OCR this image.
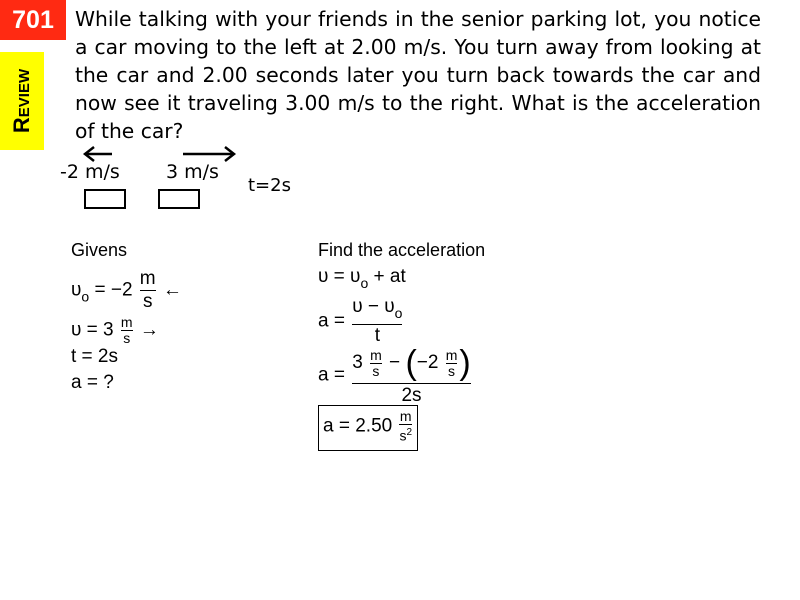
701
Review
While talking with your friends in the senior parking lot, you notice a car moving to the left at 2.00 m/s. You turn away from looking at the car and 2.00 seconds later you turn back towards the car and now see it traveling 3.00 m/s to the right. What is the acceleration of the car?
-2 m/s 3 m/s
t=2s
Givens
$\upsilon_o = -2 \frac{m}{s}$ ←
$\upsilon = 3 \frac{m}{s}$ →
t = 2s
a = ?
Find the acceleration
$\upsilon = \upsilon_o$ + at
$a = \frac{\upsilon - \upsilon_o}{t}$
$a = \frac{3 \frac{m}{s} - (-2 \frac{m}{s} )}{2s}$
$a = 2.50 \frac{m}{s^2}$
